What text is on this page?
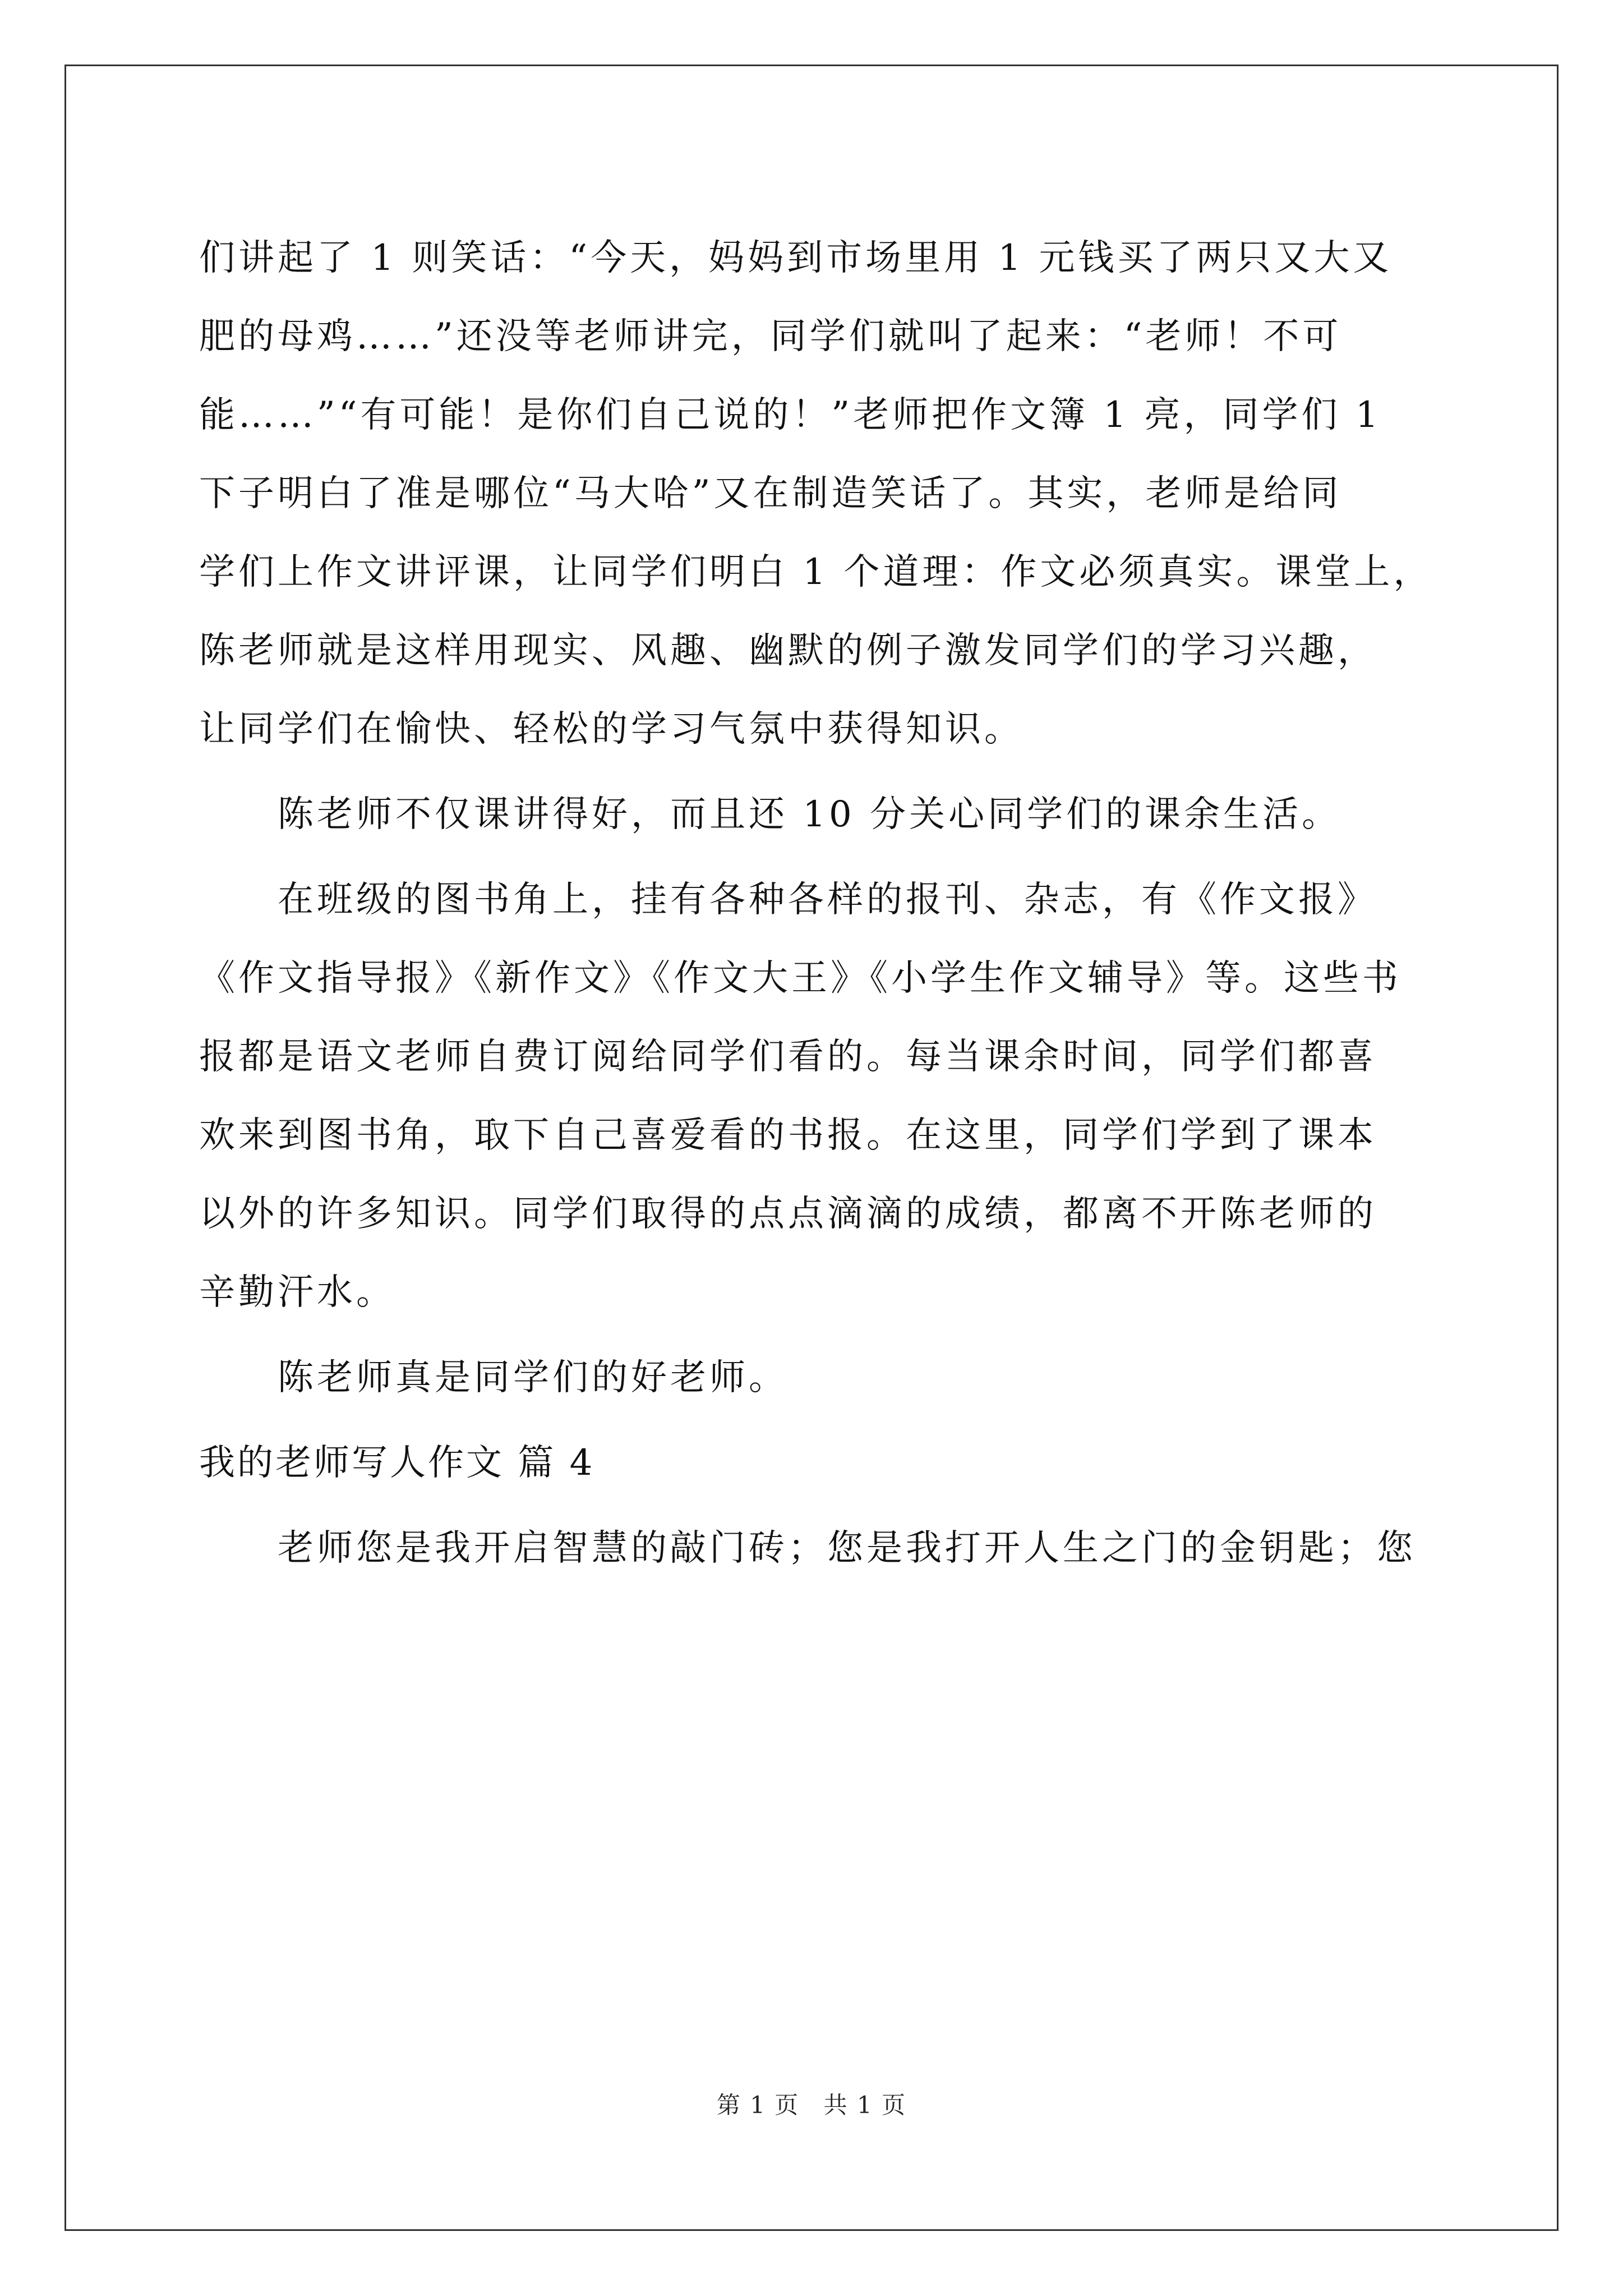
们讲起了 1 则笑话：“今天，妈妈到市场里用 1 元钱买了两只又大又

肥的母鸡……”还没等老师讲完，同学们就叫了起来：“老师！不可

能……”“有可能！是你们自己说的！”老师把作文簿 1 亮，同学们 1

下子明白了准是哪位“马大哈”又在制造笑话了。其实，老师是给同

学们上作文讲评课，让同学们明白 1 个道理：作文必须真实。课堂上，

陈老师就是这样用现实、风趣、幽默的例子激发同学们的学习兴趣，

让同学们在愉快、轻松的学习气氛中获得知识。

陈老师不仅课讲得好，而且还 10 分关心同学们的课余生活。

在班级的图书角上，挂有各种各样的报刊、杂志，有《作文报》

《作文指导报》《新作文》《作文大王》《小学生作文辅导》等。这些书

报都是语文老师自费订阅给同学们看的。每当课余时间，同学们都喜

欢来到图书角，取下自己喜爱看的书报。在这里，同学们学到了课本

以外的许多知识。同学们取得的点点滴滴的成绩，都离不开陈老师的

辛勤汗水。

陈老师真是同学们的好老师。

我的老师写人作文 篇 4

老师您是我开启智慧的敲门砖；您是我打开人生之门的金钥匙；您

第 1 页 共 1 页
